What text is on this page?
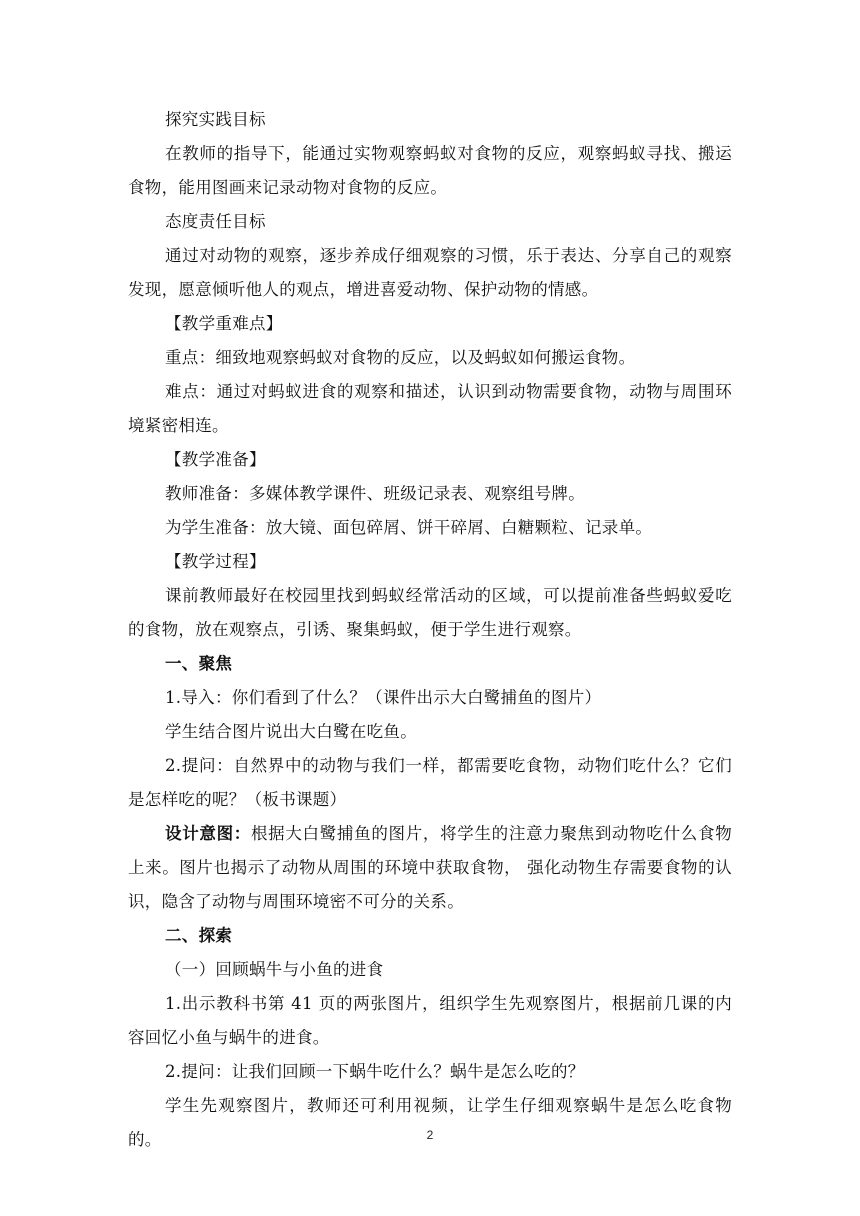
探究实践目标

在教师的指导下，能通过实物观察蚂蚁对食物的反应，观察蚂蚁寻找、搬运食物，能用图画来记录动物对食物的反应。

态度责任目标

通过对动物的观察，逐步养成仔细观察的习惯，乐于表达、分享自己的观察发现，愿意倾听他人的观点，增进喜爱动物、保护动物的情感。

【教学重难点】

重点：细致地观察蚂蚁对食物的反应，以及蚂蚁如何搬运食物。

难点：通过对蚂蚁进食的观察和描述，认识到动物需要食物，动物与周围环境紧密相连。

【教学准备】

教师准备：多媒体教学课件、班级记录表、观察组号牌。

为学生准备：放大镜、面包碎屑、饼干碎屑、白糖颗粒、记录单。

【教学过程】

课前教师最好在校园里找到蚂蚁经常活动的区域，可以提前准备些蚂蚁爱吃的食物，放在观察点，引诱、聚集蚂蚁，便于学生进行观察。

一、聚焦

1.导入：你们看到了什么？（课件出示大白鹭捕鱼的图片）

学生结合图片说出大白鹭在吃鱼。

2.提问：自然界中的动物与我们一样，都需要吃食物，动物们吃什么？它们是怎样吃的呢？（板书课题）

设计意图：根据大白鹭捕鱼的图片，将学生的注意力聚焦到动物吃什么食物上来。图片也揭示了动物从周围的环境中获取食物， 强化动物生存需要食物的认识，隐含了动物与周围环境密不可分的关系。

二、探索

（一）回顾蜗牛与小鱼的进食

1.出示教科书第 41 页的两张图片，组织学生先观察图片，根据前几课的内容回忆小鱼与蜗牛的进食。

2.提问：让我们回顾一下蜗牛吃什么？蜗牛是怎么吃的？

学生先观察图片，教师还可利用视频，让学生仔细观察蜗牛是怎么吃食物的。	2
